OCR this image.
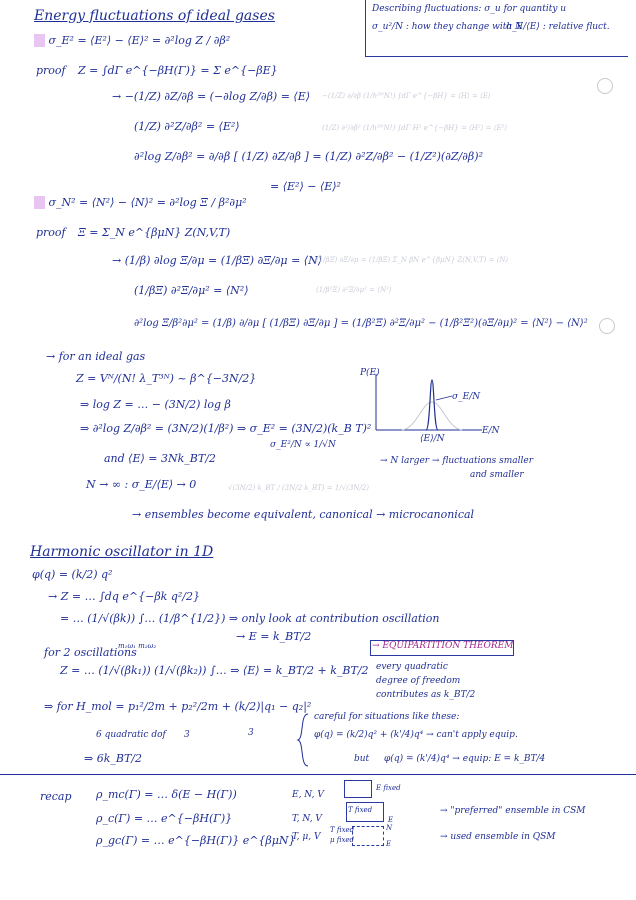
Energy fluctuations of ideal gases	Describing fluctuations: σ_u for quantity u
σ_u²/N : how they change with N
σ_E/⟨E⟩ : relative fluct.
σ_E² = ⟨E²⟩ − ⟨E⟩² = ∂²log Z / ∂β²
proof Z = ∫dΓ e^{−βH(Γ)} = Σ e^{−βE}
→ −(1/Z) ∂Z/∂β = (−∂log Z/∂β) = ⟨E⟩ −(1/Z) ∂/∂β (1/h³ᴺN!) ∫dΓ e^{−βH} = ⟨H⟩ = ⟨E⟩
(1/Z) ∂²Z/∂β² = ⟨E²⟩	(1/Z) ∂²/∂β² (1/h³ᴺN!) ∫dΓ H² e^{−βH} = ⟨H²⟩ = ⟨E²⟩
∂²log Z/∂β² = ∂/∂β [ (1/Z) ∂Z/∂β ] = (1/Z) ∂²Z/∂β² − (1/Z²)(∂Z/∂β)²
= ⟨E²⟩ − ⟨E⟩²
σ_N² = ⟨N²⟩ − ⟨N⟩² = ∂²log Ξ / β²∂μ²
proof Ξ = Σ_N e^{βμN} Z(N,V,T)
→ (1/β) ∂log Ξ/∂μ = (1/βΞ) ∂Ξ/∂μ = ⟨N⟩
(1/βΞ) ∂Ξ/∂μ = (1/βΞ) Σ_N βN e^{βμN} Z(N,V,T) = ⟨N⟩
(1/βΞ) ∂²Ξ/∂μ² = ⟨N²⟩	(1/β²Ξ) ∂²Ξ/∂μ² = ⟨N²⟩
∂²log Ξ/β²∂μ² = (1/β) ∂/∂μ [ (1/βΞ) ∂Ξ/∂μ ] = (1/β²Ξ) ∂²Ξ/∂μ² − (1/β²Ξ²)(∂Ξ/∂μ)² = ⟨N²⟩ − ⟨N⟩²
→ for an ideal gas
Z = Vᴺ/(N! λ_T³ᴺ) ~ β^{−3N/2}
⇒ log Z = … − (3N/2) log β
⇒ ∂²log Z/∂β² = (3N/2)(1/β²) ⇒ σ_E² = (3N/2)(k_B T)²
σ_E²/N ∝ 1/√N
and ⟨E⟩ = 3Nk_BT/2
N → ∞ : σ_E/⟨E⟩ → 0	√(3N/2) k_BT / (3N/2 k_BT) = 1/√(3N/2)
→ ensembles become equivalent, canonical → microcanonical
P(E)
E/N
σ_E/N
⟨E⟩/N
→ N larger → fluctuations smaller
and smaller
Harmonic oscillator in 1D
φ(q) = (k/2) q²
→ Z = … ∫dq e^{−βk q²/2}
= … (1/√(βk)) ∫… (1/β^{1/2}) ⇒ only look at contribution oscillation
→ E = k_BT/2
for 2 oscillations
m₁ω₁ m₂ω₂
Z = … (1/√(βk₁)) (1/√(βk₂)) ∫… ⇒ ⟨E⟩ = k_BT/2 + k_BT/2
→ EQUIPARTITION THEOREM
every quadratic
degree of freedom
contributes as k_BT/2
⇒ for H_mol = p₁²/2m + p₂²/2m + (k/2)|q₁ − q₂|²
6 quadratic dof 3	3
⇒ 6k_BT/2
careful for situations like these:
φ(q) = (k/2)q² + (k'/4)q⁴ → can't apply equip.
but φ(q) = (k'/4)q⁴ → equip: E = k_BT/4
recap ρ_mc(Γ) = … δ(E − H(Γ))	E, N, V
E fixed
ρ_c(Γ) = … e^{−βH(Γ)}	T, N, V
T fixed
E
→ "preferred" ensemble in CSM
ρ_gc(Γ) = … e^{−βH(Γ)} e^{βμN}
T, μ, V
T fixed
μ fixed
N
E
→ used ensemble in QSM
